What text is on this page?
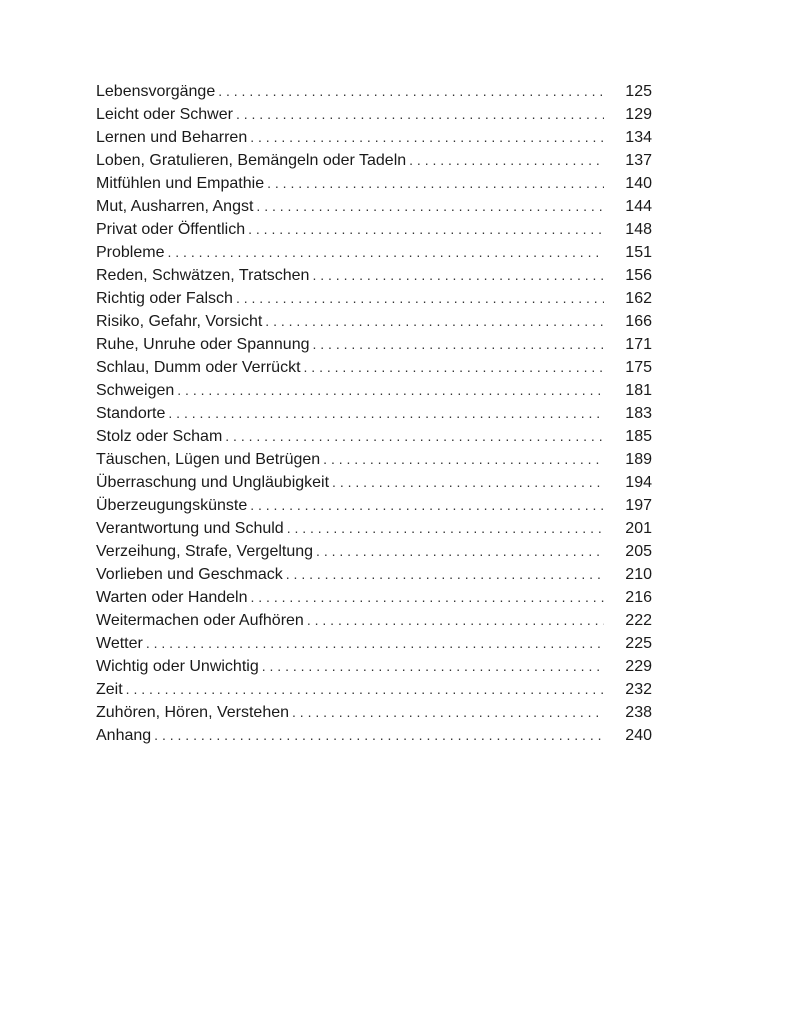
Lebensvorgänge . . .	125
Leicht oder Schwer . . .	129
Lernen und Beharren . . .	134
Loben, Gratulieren, Bemängeln oder Tadeln . . .	137
Mitfühlen und Empathie . . .	140
Mut, Ausharren, Angst . . .	144
Privat oder Öffentlich . . .	148
Probleme . . .	151
Reden, Schwätzen, Tratschen . . .	156
Richtig oder Falsch . . .	162
Risiko, Gefahr, Vorsicht . . .	166
Ruhe, Unruhe oder Spannung . . .	171
Schlau, Dumm oder Verrückt . . .	175
Schweigen . . .	181
Standorte . . .	183
Stolz oder Scham . . .	185
Täuschen, Lügen und Betrügen . . .	189
Überraschung und Ungläubigkeit . . .	194
Überzeugungskünste . . .	197
Verantwortung und Schuld . . .	201
Verzeihung, Strafe, Vergeltung . . .	205
Vorlieben und Geschmack . . .	210
Warten oder Handeln . . .	216
Weitermachen oder Aufhören . . .	222
Wetter . . .	225
Wichtig oder Unwichtig . . .	229
Zeit . . .	232
Zuhören, Hören, Verstehen . . .	238
Anhang . . .	240
